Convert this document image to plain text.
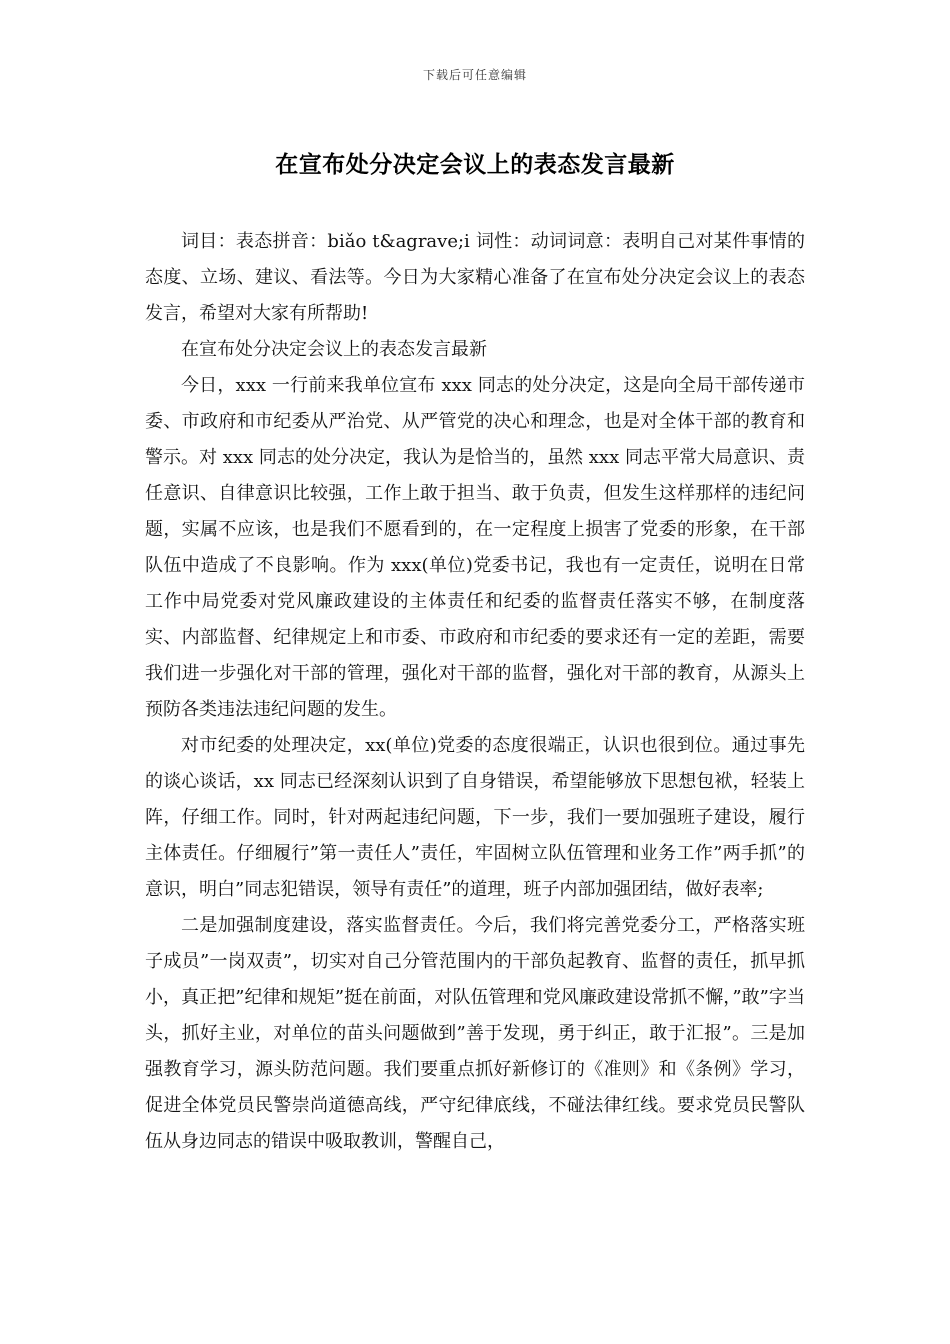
下载后可任意编辑
在宣布处分决定会议上的表态发言最新

词目：表态拼音：biǎo t&agrave;i 词性：动词词意：表明自己对某件事情的态度、立场、建议、看法等。今日为大家精心准备了在宣布处分决定会议上的表态发言，希望对大家有所帮助!

在宣布处分决定会议上的表态发言最新

今日，xxx 一行前来我单位宣布 xxx 同志的处分决定，这是向全局干部传递市委、市政府和市纪委从严治党、从严管党的决心和理念，也是对全体干部的教育和警示。对 xxx 同志的处分决定，我认为是恰当的，虽然 xxx 同志平常大局意识、责任意识、自律意识比较强，工作上敢于担当、敢于负责，但发生这样那样的违纪问题，实属不应该，也是我们不愿看到的，在一定程度上损害了党委的形象，在干部队伍中造成了不良影响。作为 xxx(单位)党委书记，我也有一定责任，说明在日常工作中局党委对党风廉政建设的主体责任和纪委的监督责任落实不够，在制度落实、内部监督、纪律规定上和市委、市政府和市纪委的要求还有一定的差距，需要我们进一步强化对干部的管理，强化对干部的监督，强化对干部的教育，从源头上预防各类违法违纪问题的发生。

对市纪委的处理决定，xx(单位)党委的态度很端正，认识也很到位。通过事先的谈心谈话，xx 同志已经深刻认识到了自身错误，希望能够放下思想包袱，轻装上阵，仔细工作。同时，针对两起违纪问题，下一步，我们一要加强班子建设，履行主体责任。仔细履行”第一责任人”责任，牢固树立队伍管理和业务工作”两手抓”的意识，明白”同志犯错误，领导有责任”的道理，班子内部加强团结，做好表率;

二是加强制度建设，落实监督责任。今后，我们将完善党委分工，严格落实班子成员”一岗双责”，切实对自己分管范围内的干部负起教育、监督的责任，抓早抓小，真正把”纪律和规矩”挺在前面，对队伍管理和党风廉政建设常抓不懈，”敢”字当头，抓好主业，对单位的苗头问题做到”善于发现，勇于纠正，敢于汇报”。三是加强教育学习，源头防范问题。我们要重点抓好新修订的《准则》和《条例》学习，促进全体党员民警崇尚道德高线，严守纪律底线，不碰法律红线。要求党员民警队伍从身边同志的错误中吸取教训，警醒自己，
